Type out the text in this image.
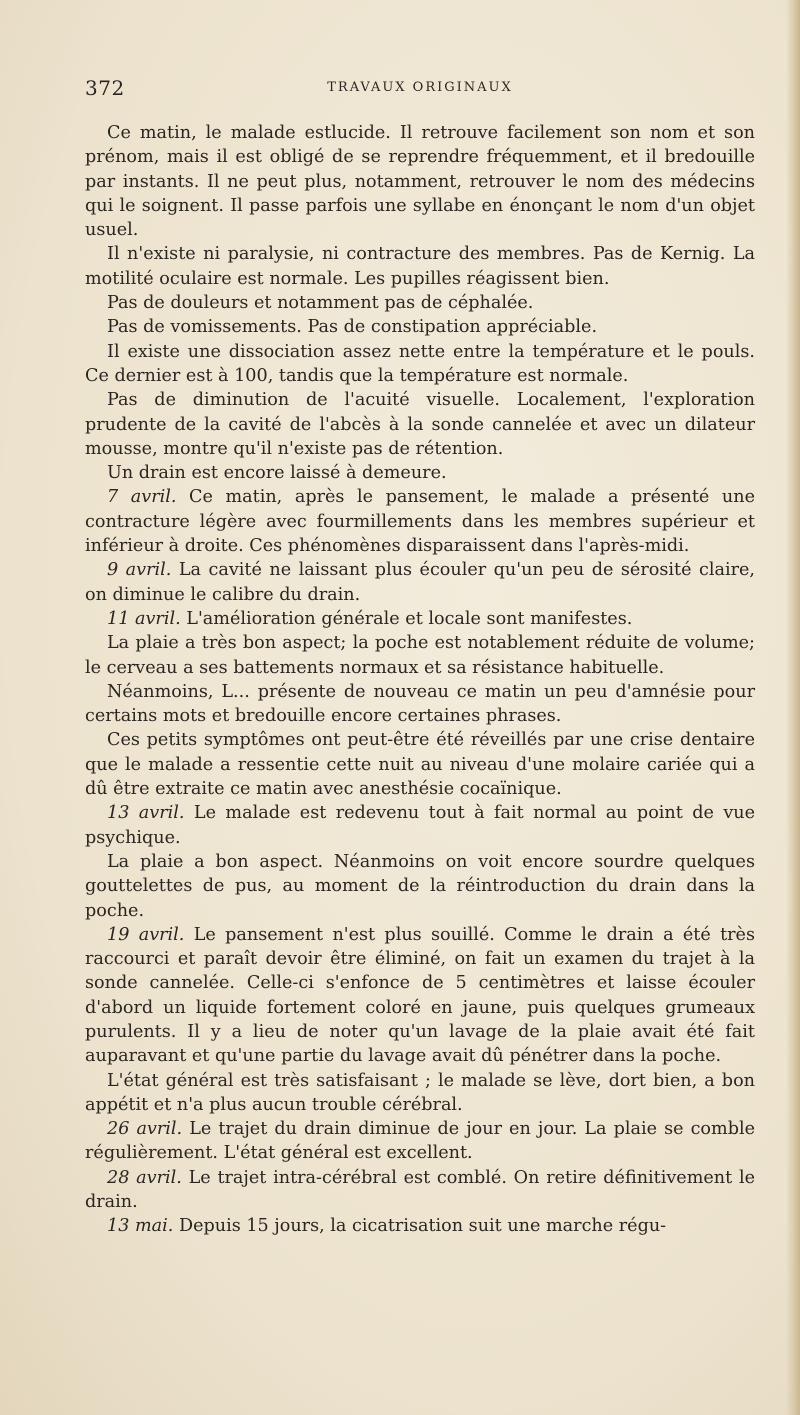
372	TRAVAUX ORIGINAUX

Ce matin, le malade estlucide. Il retrouve facilement son nom et son prénom, mais il est obligé de se reprendre fréquemment, et il bredouille par instants. Il ne peut plus, notamment, retrouver le nom des médecins qui le soignent. Il passe parfois une syllabe en énonçant le nom d'un objet usuel.

Il n'existe ni paralysie, ni contracture des membres. Pas de Kernig. La motilité oculaire est normale. Les pupilles réagissent bien.

Pas de douleurs et notamment pas de céphalée.

Pas de vomissements. Pas de constipation appréciable.

Il existe une dissociation assez nette entre la température et le pouls. Ce dernier est à 100, tandis que la température est normale.

Pas de diminution de l'acuité visuelle. Localement, l'exploration prudente de la cavité de l'abcès à la sonde cannelée et avec un dilateur mousse, montre qu'il n'existe pas de rétention.

Un drain est encore laissé à demeure.

7 avril. Ce matin, après le pansement, le malade a présenté une contracture légère avec fourmillements dans les membres supérieur et inférieur à droite. Ces phénomènes disparaissent dans l'après-midi.

9 avril. La cavité ne laissant plus écouler qu'un peu de sérosité claire, on diminue le calibre du drain.

11 avril. L'amélioration générale et locale sont manifestes.

La plaie a très bon aspect; la poche est notablement réduite de volume; le cerveau a ses battements normaux et sa résistance habituelle.

Néanmoins, L... présente de nouveau ce matin un peu d'amnésie pour certains mots et bredouille encore certaines phrases.

Ces petits symptômes ont peut-être été réveillés par une crise dentaire que le malade a ressentie cette nuit au niveau d'une molaire cariée qui a dû être extraite ce matin avec anesthésie cocaïnique.

13 avril. Le malade est redevenu tout à fait normal au point de vue psychique.

La plaie a bon aspect. Néanmoins on voit encore sourdre quelques gouttelettes de pus, au moment de la réintroduction du drain dans la poche.

19 avril. Le pansement n'est plus souillé. Comme le drain a été très raccourci et paraît devoir être éliminé, on fait un examen du trajet à la sonde cannelée. Celle-ci s'enfonce de 5 centimètres et laisse écouler d'abord un liquide fortement coloré en jaune, puis quelques grumeaux purulents. Il y a lieu de noter qu'un lavage de la plaie avait été fait auparavant et qu'une partie du lavage avait dû pénétrer dans la poche.

L'état général est très satisfaisant ; le malade se lève, dort bien, a bon appétit et n'a plus aucun trouble cérébral.

26 avril. Le trajet du drain diminue de jour en jour. La plaie se comble régulièrement. L'état général est excellent.

28 avril. Le trajet intra-cérébral est comblé. On retire définitivement le drain.

13 mai. Depuis 15 jours, la cicatrisation suit une marche régu-
